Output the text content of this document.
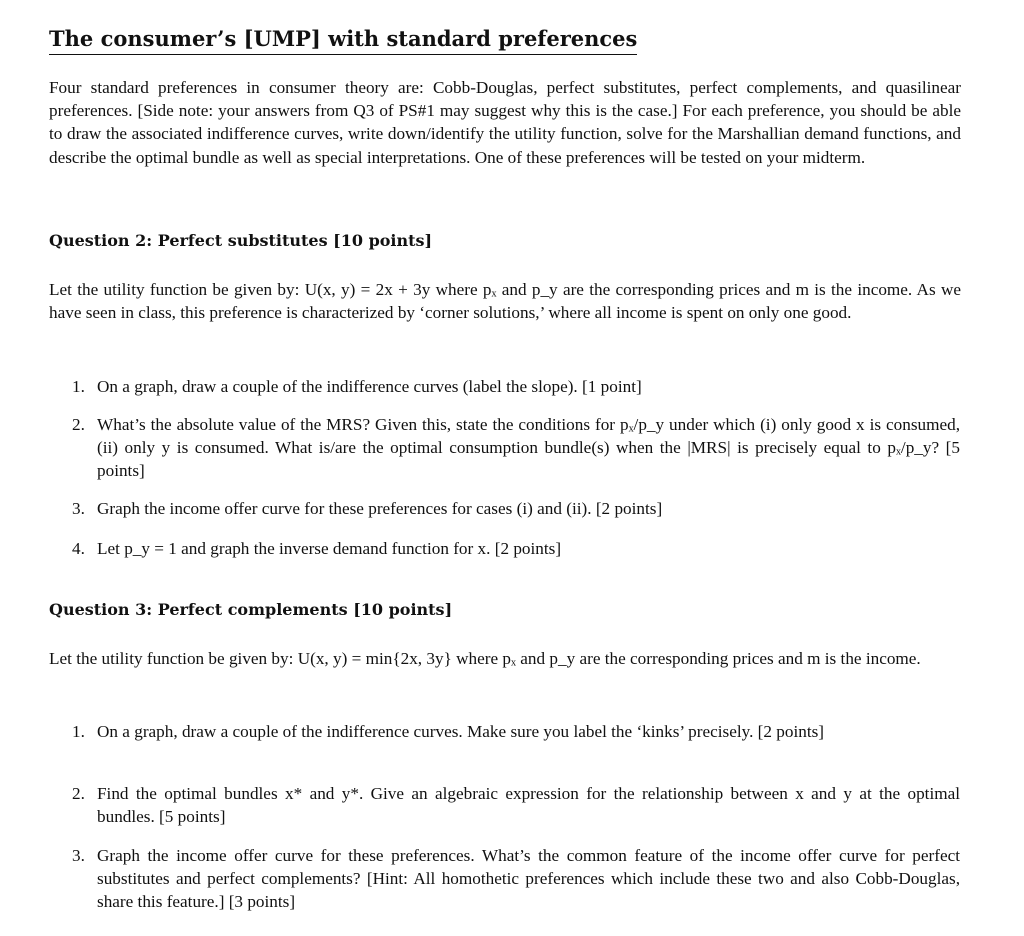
The consumer’s [UMP] with standard preferences

Four standard preferences in consumer theory are: Cobb-Douglas, perfect substitutes, perfect complements, and quasilinear preferences. [Side note: your answers from Q3 of PS#1 may suggest why this is the case.] For each preference, you should be able to draw the associated indifference curves, write down/identify the utility function, solve for the Marshallian demand functions, and describe the optimal bundle as well as special interpretations. One of these preferences will be tested on your midterm.

Question 2: Perfect substitutes [10 points]

Let the utility function be given by: U(x, y) = 2x + 3y where pₓ and p_y are the corresponding prices and m is the income. As we have seen in class, this preference is characterized by ‘corner solutions,’ where all income is spent on only one good.

1. On a graph, draw a couple of the indifference curves (label the slope). [1 point]
2. What’s the absolute value of the MRS? Given this, state the conditions for pₓ/p_y under which (i) only good x is consumed, (ii) only y is consumed. What is/are the optimal consumption bundle(s) when the |MRS| is precisely equal to pₓ/p_y? [5 points]
3. Graph the income offer curve for these preferences for cases (i) and (ii). [2 points]
4. Let p_y = 1 and graph the inverse demand function for x. [2 points]
Question 3: Perfect complements [10 points]

Let the utility function be given by: U(x, y) = min{2x, 3y} where pₓ and p_y are the corresponding prices and m is the income.

1. On a graph, draw a couple of the indifference curves. Make sure you label the ‘kinks’ precisely. [2 points]
2. Find the optimal bundles x* and y*. Give an algebraic expression for the relationship between x and y at the optimal bundles. [5 points]
3. Graph the income offer curve for these preferences. What’s the common feature of the income offer curve for perfect substitutes and perfect complements? [Hint: All homothetic preferences which include these two and also Cobb-Douglas, share this feature.] [3 points]
